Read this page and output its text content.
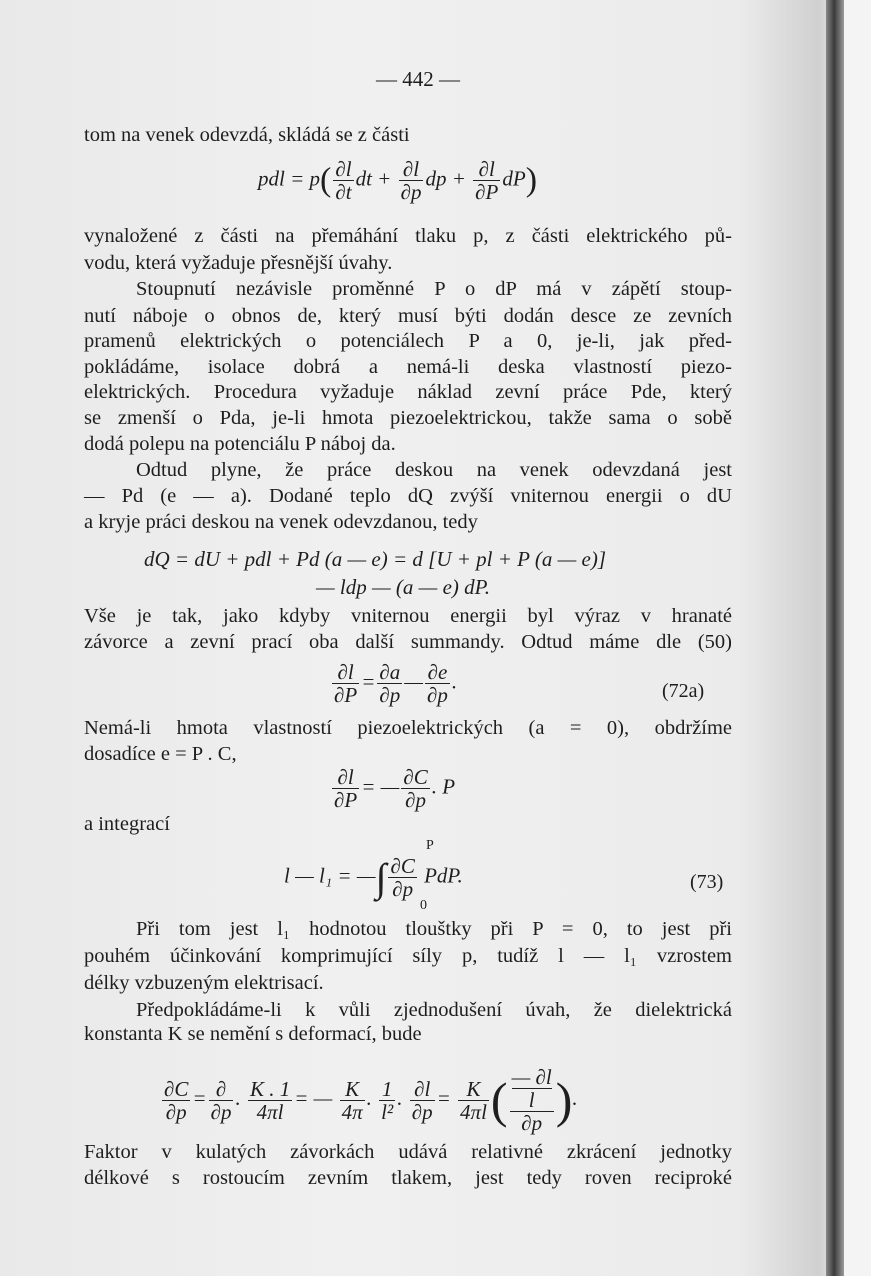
— 442 —
tom na venek odevzdá, skládá se z části
pdl = $p( \frac{\partial l}{\partial t}$ dt + $\frac{\partial l}{\partial p}$ dp + $\frac{\partial l}{\partial P} dP$)
vynaložené z části na přemáhání tlaku p, z části elektrického pů-
vodu, která vyžaduje přesnější úvahy.
Stoupnutí nezávisle proměnné P o dP má v zápětí stoup-
nutí náboje o obnos de, který musí býti dodán desce ze zevních
pramenů elektrických o potenciálech P a 0, je-li, jak před-
pokládáme, isolace dobrá a nemá-li deska vlastností piezo-
elektrických. Procedura vyžaduje náklad zevní práce Pde, který
se zmenší o Pda, je-li hmota piezoelektrickou, takže sama o sobě
dodá polepu na potenciálu P náboj da.
Odtud plyne, že práce deskou na venek odevzdaná jest
— Pd (e — a). Dodané teplo dQ zvýší vniternou energii o dU
a kryje práci deskou na venek odevzdanou, tedy
dQ = dU + pdl + Pd (a — e) = d [U + pl + P (a — e)]
— ldp — (a — e) dP.
Vše je tak, jako kdyby vniternou energii byl výraz v hranaté
závorce a zevní prací oba další summandy. Odtud máme dle (50)
$\frac{\partial l}{\partial P} = \frac{\partial a}{\partial p}$ — $\frac{\partial e}{\partial p}$ .	(72a)
Nemá-li hmota vlastností piezoelektrických (a = 0), obdržíme
dosadíce e = P . C,
$\frac{\partial l}{\partial P}$ = — $\frac{\partial C}{\partial p}$ . P
a integrací
l — l₁ = —∫ $\frac{\partial C}{\partial p}$ PdP.
P
0
(73)
Při tom jest l₁ hodnotou tlouštky při P = 0, to jest při
pouhém účinkování komprimující síly p, tudíž l — l₁ vzrostem
délky vzbuzeným elektrisací.
Předpokládáme-li k vůli zjednodušení úvah, že dielektrická
konstanta K se nemění s deformací, bude
$\frac{\partial C}{\partial p} = \frac{\partial}{\partial p}$ . $\frac{K . 1}{4\pi l}$ = — $\frac{K}{4\pi}$ . $\frac{1}{\text{l²}}$ . $\frac{\partial l}{\partial p} = \frac{K}{4\pi l}$ ( — ∂l
l
∂p ).
Faktor v kulatých závorkách udává relativné zkrácení jednotky
délkové s rostoucím zevním tlakem, jest tedy roven reciproké
